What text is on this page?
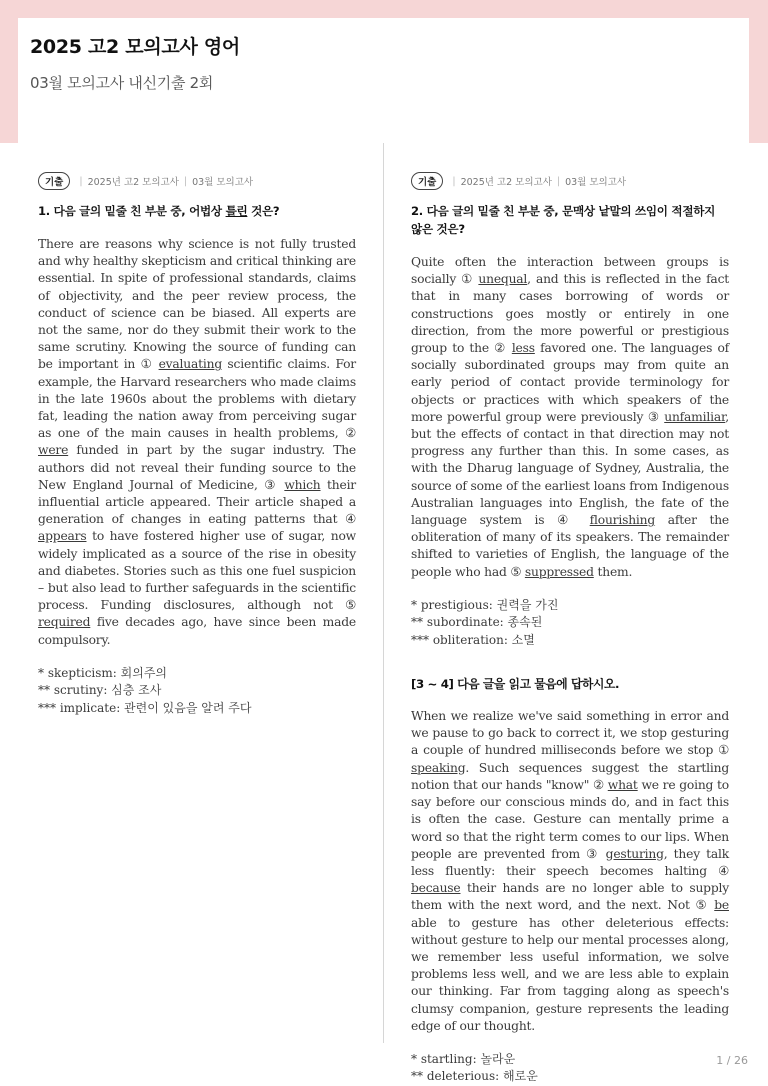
2025 고2 모의고사 영어
03월 모의고사 내신기출 2회
기출	| 2025년 고2 모의고사 | 03월 모의고사
1. 다음 글의 밑줄 친 부분 중, 어법상 틀린 것은?
There are reasons why science is not fully trusted and why healthy skepticism and critical thinking are essential. In spite of professional standards, claims of objectivity, and the peer review process, the conduct of science can be biased. All experts are not the same, nor do they submit their work to the same scrutiny. Knowing the source of funding can be important in ① evaluating scientific claims. For example, the Harvard researchers who made claims in the late 1960s about the problems with dietary fat, leading the nation away from perceiving sugar as one of the main causes in health problems, ② were funded in part by the sugar industry. The authors did not reveal their funding source to the New England Journal of Medicine, ③ which their influential article appeared. Their article shaped a generation of changes in eating patterns that ④ appears to have fostered higher use of sugar, now widely implicated as a source of the rise in obesity and diabetes. Stories such as this one fuel suspicion – but also lead to further safeguards in the scientific process. Funding disclosures, although not ⑤ required five decades ago, have since been made compulsory.
* skepticism: 회의주의
** scrutiny: 심층 조사
*** implicate: 관련이 있음을 알려 주다
기출	| 2025년 고2 모의고사 | 03월 모의고사
2. 다음 글의 밑줄 친 부분 중, 문맥상 낱말의 쓰임이 적절하지 않은 것은?
Quite often the interaction between groups is socially ① unequal, and this is reflected in the fact that in many cases borrowing of words or constructions goes mostly or entirely in one direction, from the more powerful or prestigious group to the ② less favored one. The languages of socially subordinated groups may from quite an early period of contact provide terminology for objects or practices with which speakers of the more powerful group were previously ③ unfamiliar, but the effects of contact in that direction may not progress any further than this. In some cases, as with the Dharug language of Sydney, Australia, the source of some of the earliest loans from Indigenous Australian languages into English, the fate of the language system is ④ flourishing after the obliteration of many of its speakers. The remainder shifted to varieties of English, the language of the people who had ⑤ suppressed them.
* prestigious: 권력을 가진
** subordinate: 종속된
*** obliteration: 소멸
[3 ~ 4] 다음 글을 읽고 물음에 답하시오.
When we realize we've said something in error and we pause to go back to correct it, we stop gesturing a couple of hundred milliseconds before we stop ① speaking. Such sequences suggest the startling notion that our hands "know" ② what we re going to say before our conscious minds do, and in fact this is often the case. Gesture can mentally prime a word so that the right term comes to our lips. When people are prevented from ③ gesturing, they talk less fluently: their speech becomes halting ④ because their hands are no longer able to supply them with the next word, and the next. Not ⑤ be able to gesture has other deleterious effects: without gesture to help our mental processes along, we remember less useful information, we solve problems less well, and we are less able to explain our thinking. Far from tagging along as speech's clumsy companion, gesture represents the leading edge of our thought.
* startling: 놀라운
** deleterious: 해로운
1 / 26
